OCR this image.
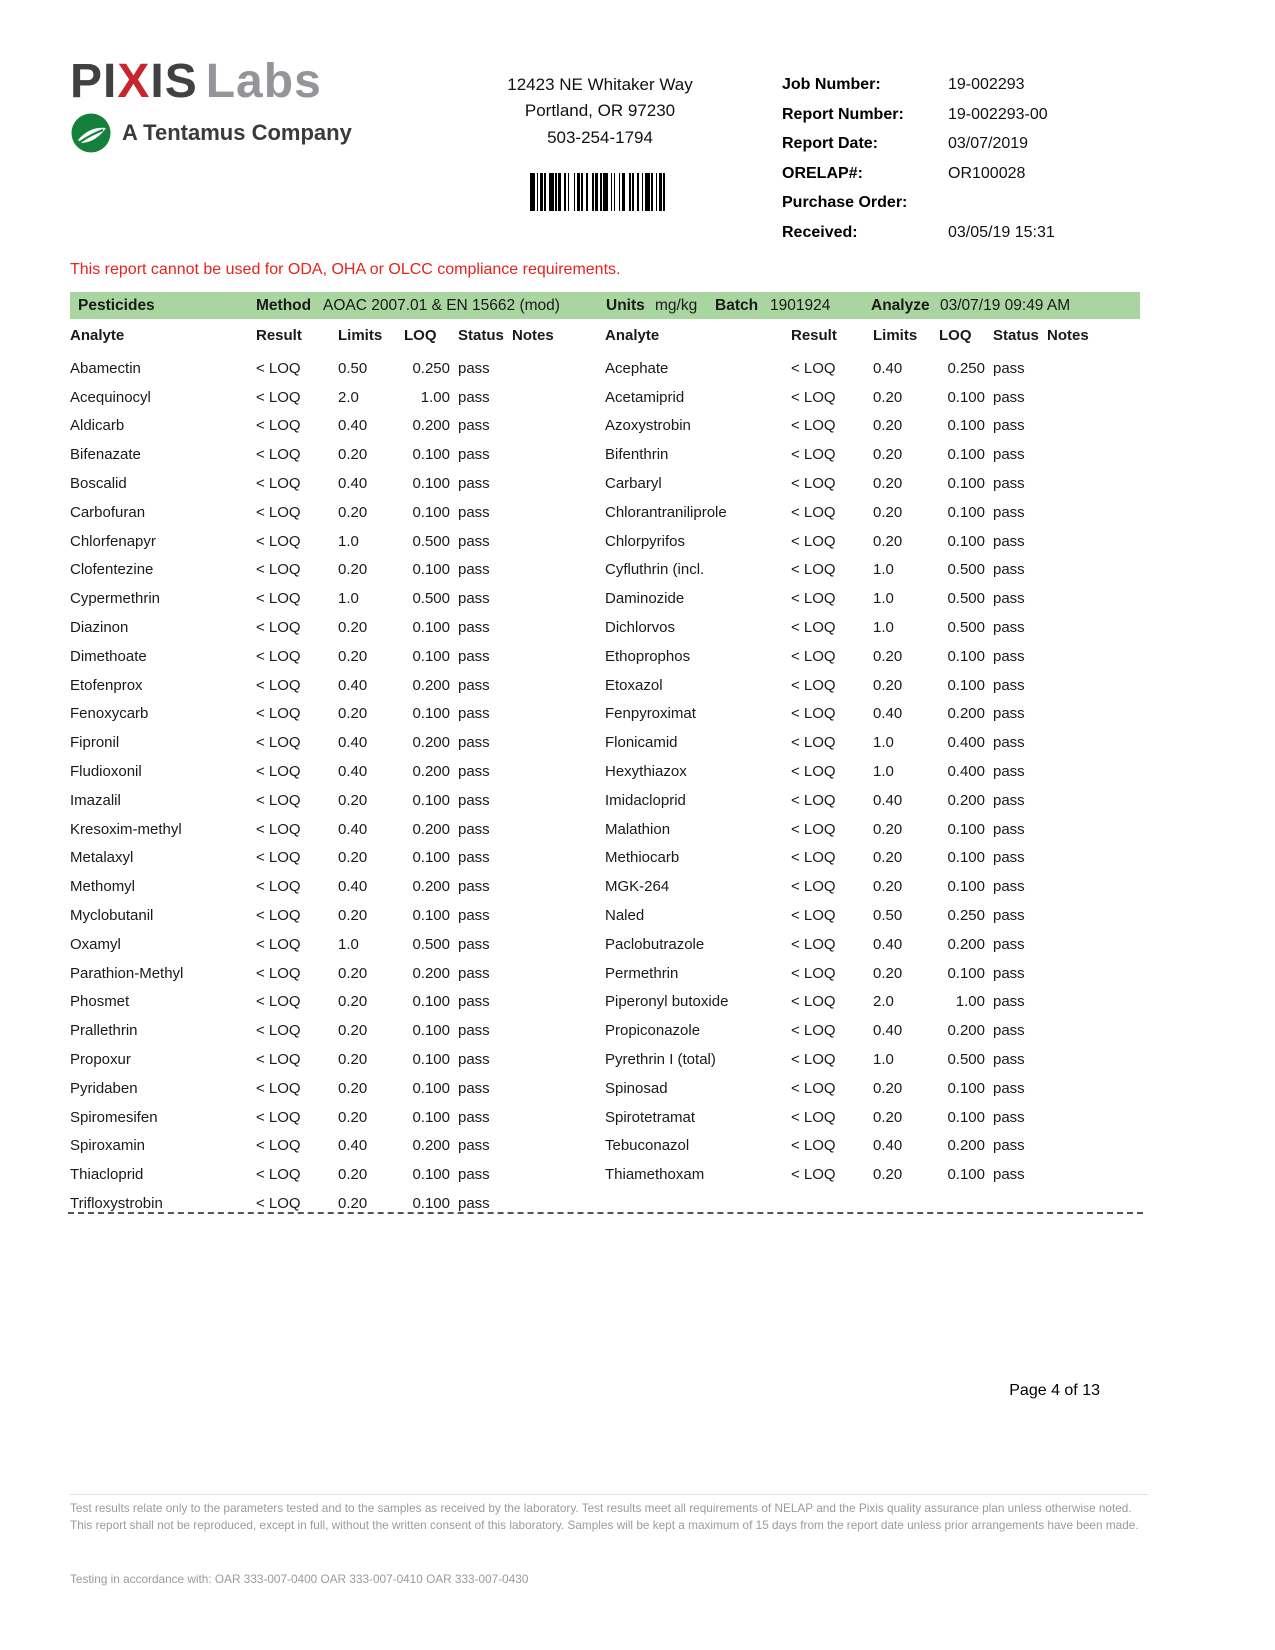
PIXIS Labs
A Tentamus Company
12423 NE Whitaker Way
Portland, OR 97230
503-254-1794
Job Number:	19-002293
Report Number:	19-002293-00
Report Date:	03/07/2019
ORELAP#:	OR100028
Purchase Order:
Received:	03/05/19 15:31
This report cannot be used for ODA, OHA or OLCC compliance requirements.
Pesticides	Method AOAC 2007.01 & EN 15662 (mod)	Units mg/kg Batch 1901924	Analyze 03/07/19 09:49 AM
Analyte	Result	Limits	LOQ	Status Notes
Abamectin	< LOQ	0.50	0.250 pass
Acequinocyl	< LOQ	2.0	1.00 pass
Aldicarb	< LOQ	0.40	0.200 pass
Bifenazate	< LOQ	0.20	0.100 pass
Boscalid	< LOQ	0.40	0.100 pass
Carbofuran	< LOQ	0.20	0.100 pass
Chlorfenapyr	< LOQ	1.0	0.500 pass
Clofentezine	< LOQ	0.20	0.100 pass
Cypermethrin	< LOQ	1.0	0.500 pass
Diazinon	< LOQ	0.20	0.100 pass
Dimethoate	< LOQ	0.20	0.100 pass
Etofenprox	< LOQ	0.40	0.200 pass
Fenoxycarb	< LOQ	0.20	0.100 pass
Fipronil	< LOQ	0.40	0.200 pass
Fludioxonil	< LOQ	0.40	0.200 pass
Imazalil	< LOQ	0.20	0.100 pass
Kresoxim-methyl	< LOQ	0.40	0.200 pass
Metalaxyl	< LOQ	0.20	0.100 pass
Methomyl	< LOQ	0.40	0.200 pass
Myclobutanil	< LOQ	0.20	0.100 pass
Oxamyl	< LOQ	1.0	0.500 pass
Parathion-Methyl	< LOQ	0.20	0.200 pass
Phosmet	< LOQ	0.20	0.100 pass
Prallethrin	< LOQ	0.20	0.100 pass
Propoxur	< LOQ	0.20	0.100 pass
Pyridaben	< LOQ	0.20	0.100 pass
Spiromesifen	< LOQ	0.20	0.100 pass
Spiroxamin	< LOQ	0.40	0.200 pass
Thiacloprid	< LOQ	0.20	0.100 pass
Trifloxystrobin	< LOQ	0.20	0.100 pass
Analyte	Result	Limits	LOQ	Status Notes
Acephate	< LOQ	0.40	0.250 pass
Acetamiprid	< LOQ	0.20	0.100 pass
Azoxystrobin	< LOQ	0.20	0.100 pass
Bifenthrin	< LOQ	0.20	0.100 pass
Carbaryl	< LOQ	0.20	0.100 pass
Chlorantraniliprole	< LOQ	0.20	0.100 pass
Chlorpyrifos	< LOQ	0.20	0.100 pass
Cyfluthrin (incl.	< LOQ	1.0	0.500 pass
Daminozide	< LOQ	1.0	0.500 pass
Dichlorvos	< LOQ	1.0	0.500 pass
Ethoprophos	< LOQ	0.20	0.100 pass
Etoxazol	< LOQ	0.20	0.100 pass
Fenpyroximat	< LOQ	0.40	0.200 pass
Flonicamid	< LOQ	1.0	0.400 pass
Hexythiazox	< LOQ	1.0	0.400 pass
Imidacloprid	< LOQ	0.40	0.200 pass
Malathion	< LOQ	0.20	0.100 pass
Methiocarb	< LOQ	0.20	0.100 pass
MGK-264	< LOQ	0.20	0.100 pass
Naled	< LOQ	0.50	0.250 pass
Paclobutrazole	< LOQ	0.40	0.200 pass
Permethrin	< LOQ	0.20	0.100 pass
Piperonyl butoxide	< LOQ	2.0	1.00 pass
Propiconazole	< LOQ	0.40	0.200 pass
Pyrethrin I (total)	< LOQ	1.0	0.500 pass
Spinosad	< LOQ	0.20	0.100 pass
Spirotetramat	< LOQ	0.20	0.100 pass
Tebuconazol	< LOQ	0.40	0.200 pass
Thiamethoxam	< LOQ	0.20	0.100 pass
Page 4 of 13
Test results relate only to the parameters tested and to the samples as received by the laboratory. Test results meet all requirements of NELAP and the Pixis quality assurance plan unless otherwise noted. This report shall not be reproduced, except in full, without the written consent of this laboratory. Samples will be kept a maximum of 15 days from the report date unless prior arrangements have been made.
Testing in accordance with: OAR 333-007-0400 OAR 333-007-0410 OAR 333-007-0430
